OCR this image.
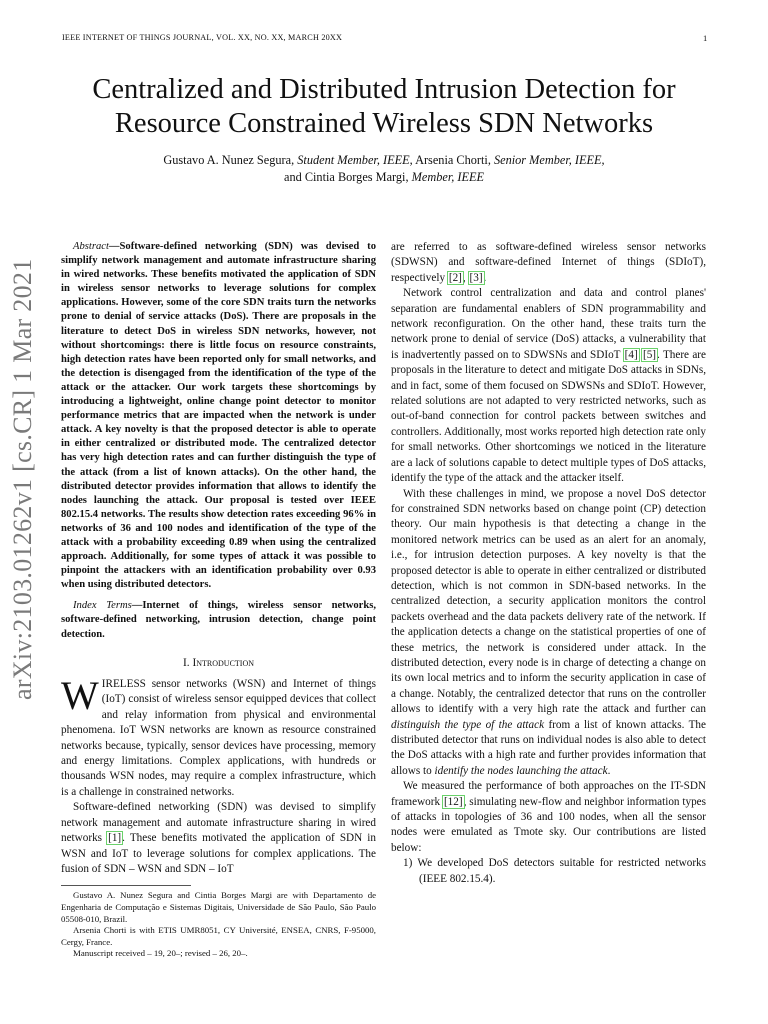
IEEE INTERNET OF THINGS JOURNAL, VOL. XX, NO. XX, MARCH 20XX	1
arXiv:2103.01262v1 [cs.CR] 1 Mar 2021
Centralized and Distributed Intrusion Detection for Resource Constrained Wireless SDN Networks
Gustavo A. Nunez Segura, Student Member, IEEE, Arsenia Chorti, Senior Member, IEEE,
and Cintia Borges Margi, Member, IEEE

Abstract—Software-defined networking (SDN) was devised to simplify network management and automate infrastructure sharing in wired networks. These benefits motivated the application of SDN in wireless sensor networks to leverage solutions for complex applications. However, some of the core SDN traits turn the networks prone to denial of service attacks (DoS). There are proposals in the literature to detect DoS in wireless SDN networks, however, not without shortcomings: there is little focus on resource constraints, high detection rates have been reported only for small networks, and the detection is disengaged from the identification of the type of the attack or the attacker. Our work targets these shortcomings by introducing a lightweight, online change point detector to monitor performance metrics that are impacted when the network is under attack. A key novelty is that the proposed detector is able to operate in either centralized or distributed mode. The centralized detector has very high detection rates and can further distinguish the type of the attack (from a list of known attacks). On the other hand, the distributed detector provides information that allows to identify the nodes launching the attack. Our proposal is tested over IEEE 802.15.4 networks. The results show detection rates exceeding 96% in networks of 36 and 100 nodes and identification of the type of the attack with a probability exceeding 0.89 when using the centralized approach. Additionally, for some types of attack it was possible to pinpoint the attackers with an identification probability over 0.93 when using distributed detectors.

Index Terms—Internet of things, wireless sensor networks, software-defined networking, intrusion detection, change point detection.

I. Introduction

WIRELESS sensor networks (WSN) and Internet of things (IoT) consist of wireless sensor equipped devices that collect and relay information from physical and environmental phenomena. IoT WSN networks are known as resource constrained networks because, typically, sensor devices have processing, memory and energy limitations. Complex applications, with hundreds or thousands WSN nodes, may require a complex infrastructure, which is a challenge in constrained networks.

Software-defined networking (SDN) was devised to simplify network management and automate infrastructure sharing in wired networks [1]. These benefits motivated the application of SDN in WSN and IoT to leverage solutions for complex applications. The fusion of SDN – WSN and SDN – IoT

Gustavo A. Nunez Segura and Cintia Borges Margi are with Departamento de Engenharia de Computação e Sistemas Digitais, Universidade de São Paulo, São Paulo 05508-010, Brazil.

Arsenia Chorti is with ETIS UMR8051, CY Université, ENSEA, CNRS, F-95000, Cergy, France.

Manuscript received – 19, 20–; revised – 26, 20–.

are referred to as software-defined wireless sensor networks (SDWSN) and software-defined Internet of things (SDIoT), respectively [2], [3].

Network control centralization and data and control planes' separation are fundamental enablers of SDN programmability and network reconfiguration. On the other hand, these traits turn the network prone to denial of service (DoS) attacks, a vulnerability that is inadvertently passed on to SDWSNs and SDIoT [4] [5]. There are proposals in the literature to detect and mitigate DoS attacks in SDNs, and in fact, some of them focused on SDWSNs and SDIoT. However, related solutions are not adapted to very restricted networks, such as out-of-band connection for control packets between switches and controllers. Additionally, most works reported high detection rate only for small networks. Other shortcomings we noticed in the literature are a lack of solutions capable to detect multiple types of DoS attacks, identify the type of the attack and the attacker itself.

With these challenges in mind, we propose a novel DoS detector for constrained SDN networks based on change point (CP) detection theory. Our main hypothesis is that detecting a change in the monitored network metrics can be used as an alert for an anomaly, i.e., for intrusion detection purposes. A key novelty is that the proposed detector is able to operate in either centralized or distributed detection, which is not common in SDN-based networks. In the centralized detection, a security application monitors the control packets overhead and the data packets delivery rate of the network. If the application detects a change on the statistical properties of one of these metrics, the network is considered under attack. In the distributed detection, every node is in charge of detecting a change on its own local metrics and to inform the security application in case of a change. Notably, the centralized detector that runs on the controller allows to identify with a very high rate the attack and further can distinguish the type of the attack from a list of known attacks. The distributed detector that runs on individual nodes is also able to detect the DoS attacks with a high rate and further provides information that allows to identify the nodes launching the attack.

We measured the performance of both approaches on the IT-SDN framework [12], simulating new-flow and neighbor information types of attacks in topologies of 36 and 100 nodes, when all the sensor nodes were emulated as Tmote sky. Our contributions are listed below:

1) We developed DoS detectors suitable for restricted networks (IEEE 802.15.4).
